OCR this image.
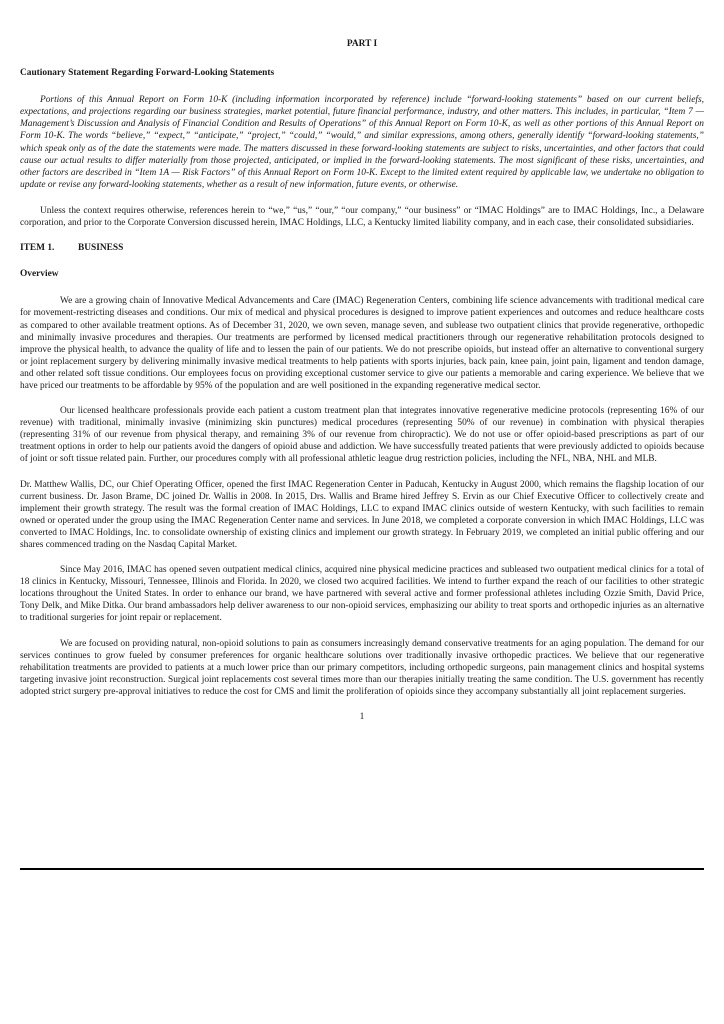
PART I
Cautionary Statement Regarding Forward-Looking Statements

Portions of this Annual Report on Form 10-K (including information incorporated by reference) include “forward-looking statements” based on our current beliefs, expectations, and projections regarding our business strategies, market potential, future financial performance, industry, and other matters. This includes, in particular, “Item 7 — Management’s Discussion and Analysis of Financial Condition and Results of Operations” of this Annual Report on Form 10-K, as well as other portions of this Annual Report on Form 10-K. The words “believe,” “expect,” “anticipate,” “project,” “could,” “would,” and similar expressions, among others, generally identify “forward-looking statements,” which speak only as of the date the statements were made. The matters discussed in these forward-looking statements are subject to risks, uncertainties, and other factors that could cause our actual results to differ materially from those projected, anticipated, or implied in the forward-looking statements. The most significant of these risks, uncertainties, and other factors are described in “Item 1A — Risk Factors” of this Annual Report on Form 10-K. Except to the limited extent required by applicable law, we undertake no obligation to update or revise any forward-looking statements, whether as a result of new information, future events, or otherwise.

Unless the context requires otherwise, references herein to “we,” “us,” “our,” “our company,” “our business” or “IMAC Holdings” are to IMAC Holdings, Inc., a Delaware corporation, and prior to the Corporate Conversion discussed herein, IMAC Holdings, LLC, a Kentucky limited liability company, and in each case, their consolidated subsidiaries.

ITEM 1.	BUSINESS
Overview

We are a growing chain of Innovative Medical Advancements and Care (IMAC) Regeneration Centers, combining life science advancements with traditional medical care for movement-restricting diseases and conditions. Our mix of medical and physical procedures is designed to improve patient experiences and outcomes and reduce healthcare costs as compared to other available treatment options. As of December 31, 2020, we own seven, manage seven, and sublease two outpatient clinics that provide regenerative, orthopedic and minimally invasive procedures and therapies. Our treatments are performed by licensed medical practitioners through our regenerative rehabilitation protocols designed to improve the physical health, to advance the quality of life and to lessen the pain of our patients. We do not prescribe opioids, but instead offer an alternative to conventional surgery or joint replacement surgery by delivering minimally invasive medical treatments to help patients with sports injuries, back pain, knee pain, joint pain, ligament and tendon damage, and other related soft tissue conditions. Our employees focus on providing exceptional customer service to give our patients a memorable and caring experience. We believe that we have priced our treatments to be affordable by 95% of the population and are well positioned in the expanding regenerative medical sector.

Our licensed healthcare professionals provide each patient a custom treatment plan that integrates innovative regenerative medicine protocols (representing 16% of our revenue) with traditional, minimally invasive (minimizing skin punctures) medical procedures (representing 50% of our revenue) in combination with physical therapies (representing 31% of our revenue from physical therapy, and remaining 3% of our revenue from chiropractic). We do not use or offer opioid-based prescriptions as part of our treatment options in order to help our patients avoid the dangers of opioid abuse and addiction. We have successfully treated patients that were previously addicted to opioids because of joint or soft tissue related pain. Further, our procedures comply with all professional athletic league drug restriction policies, including the NFL, NBA, NHL and MLB.

Dr. Matthew Wallis, DC, our Chief Operating Officer, opened the first IMAC Regeneration Center in Paducah, Kentucky in August 2000, which remains the flagship location of our current business. Dr. Jason Brame, DC joined Dr. Wallis in 2008. In 2015, Drs. Wallis and Brame hired Jeffrey S. Ervin as our Chief Executive Officer to collectively create and implement their growth strategy. The result was the formal creation of IMAC Holdings, LLC to expand IMAC clinics outside of western Kentucky, with such facilities to remain owned or operated under the group using the IMAC Regeneration Center name and services. In June 2018, we completed a corporate conversion in which IMAC Holdings, LLC was converted to IMAC Holdings, Inc. to consolidate ownership of existing clinics and implement our growth strategy. In February 2019, we completed an initial public offering and our shares commenced trading on the Nasdaq Capital Market.

Since May 2016, IMAC has opened seven outpatient medical clinics, acquired nine physical medicine practices and subleased two outpatient medical clinics for a total of 18 clinics in Kentucky, Missouri, Tennessee, Illinois and Florida. In 2020, we closed two acquired facilities. We intend to further expand the reach of our facilities to other strategic locations throughout the United States. In order to enhance our brand, we have partnered with several active and former professional athletes including Ozzie Smith, David Price, Tony Delk, and Mike Ditka. Our brand ambassadors help deliver awareness to our non-opioid services, emphasizing our ability to treat sports and orthopedic injuries as an alternative to traditional surgeries for joint repair or replacement.

We are focused on providing natural, non-opioid solutions to pain as consumers increasingly demand conservative treatments for an aging population. The demand for our services continues to grow fueled by consumer preferences for organic healthcare solutions over traditionally invasive orthopedic practices. We believe that our regenerative rehabilitation treatments are provided to patients at a much lower price than our primary competitors, including orthopedic surgeons, pain management clinics and hospital systems targeting invasive joint reconstruction. Surgical joint replacements cost several times more than our therapies initially treating the same condition. The U.S. government has recently adopted strict surgery pre-approval initiatives to reduce the cost for CMS and limit the proliferation of opioids since they accompany substantially all joint replacement surgeries.

1
